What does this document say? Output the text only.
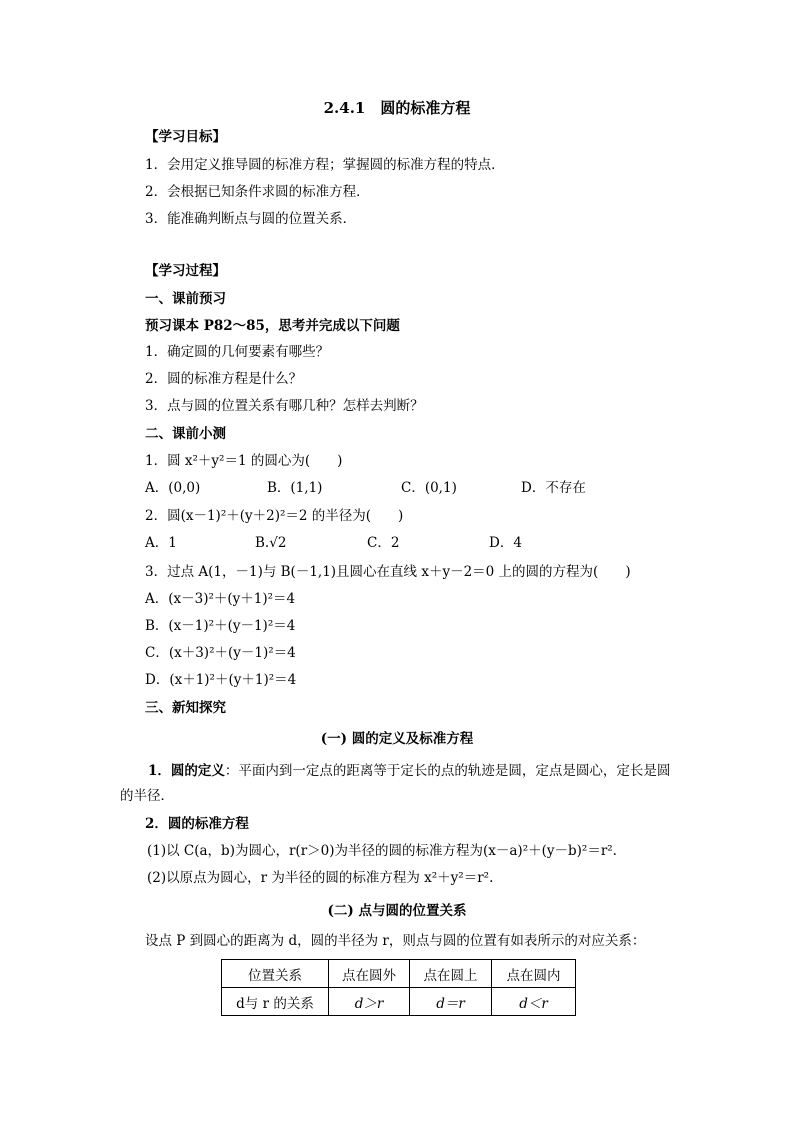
2.4.1　圆的标准方程
【学习目标】
1．会用定义推导圆的标准方程；掌握圆的标准方程的特点．
2．会根据已知条件求圆的标准方程．
3．能准确判断点与圆的位置关系．
【学习过程】
一、课前预习
预习课本 P82～85，思考并完成以下问题
1．确定圆的几何要素有哪些？
2．圆的标准方程是什么？
3．点与圆的位置关系有哪几种？怎样去判断？
二、课前小测
1．圆 x²＋y²＝1 的圆心为(　　)
A．(0,0)	B．(1,1)	C．(0,1)	D．不存在
2．圆(x－1)²＋(y＋2)²＝2 的半径为(　　)
A．1	B.√2	C．2	D．4
3．过点 A(1，－1)与 B(－1,1)且圆心在直线 x＋y－2＝0 上的圆的方程为(　　)
A．(x－3)²＋(y＋1)²＝4
B．(x－1)²＋(y－1)²＝4
C．(x＋3)²＋(y－1)²＝4
D．(x＋1)²＋(y＋1)²＝4
三、新知探究
(一) 圆的定义及标准方程
1．圆的定义：平面内到一定点的距离等于定长的点的轨迹是圆，定点是圆心，定长是圆的半径．
2．圆的标准方程
(1)以 C(a，b)为圆心，r(r＞0)为半径的圆的标准方程为(x－a)²＋(y－b)²＝r².
(2)以原点为圆心，r 为半径的圆的标准方程为 x²＋y²＝r².
(二) 点与圆的位置关系
设点 P 到圆心的距离为 d，圆的半径为 r，则点与圆的位置有如表所示的对应关系：
位置关系	点在圆外	点在圆上	点在圆内
d与 r 的关系	d＞r	d＝r	d＜r
